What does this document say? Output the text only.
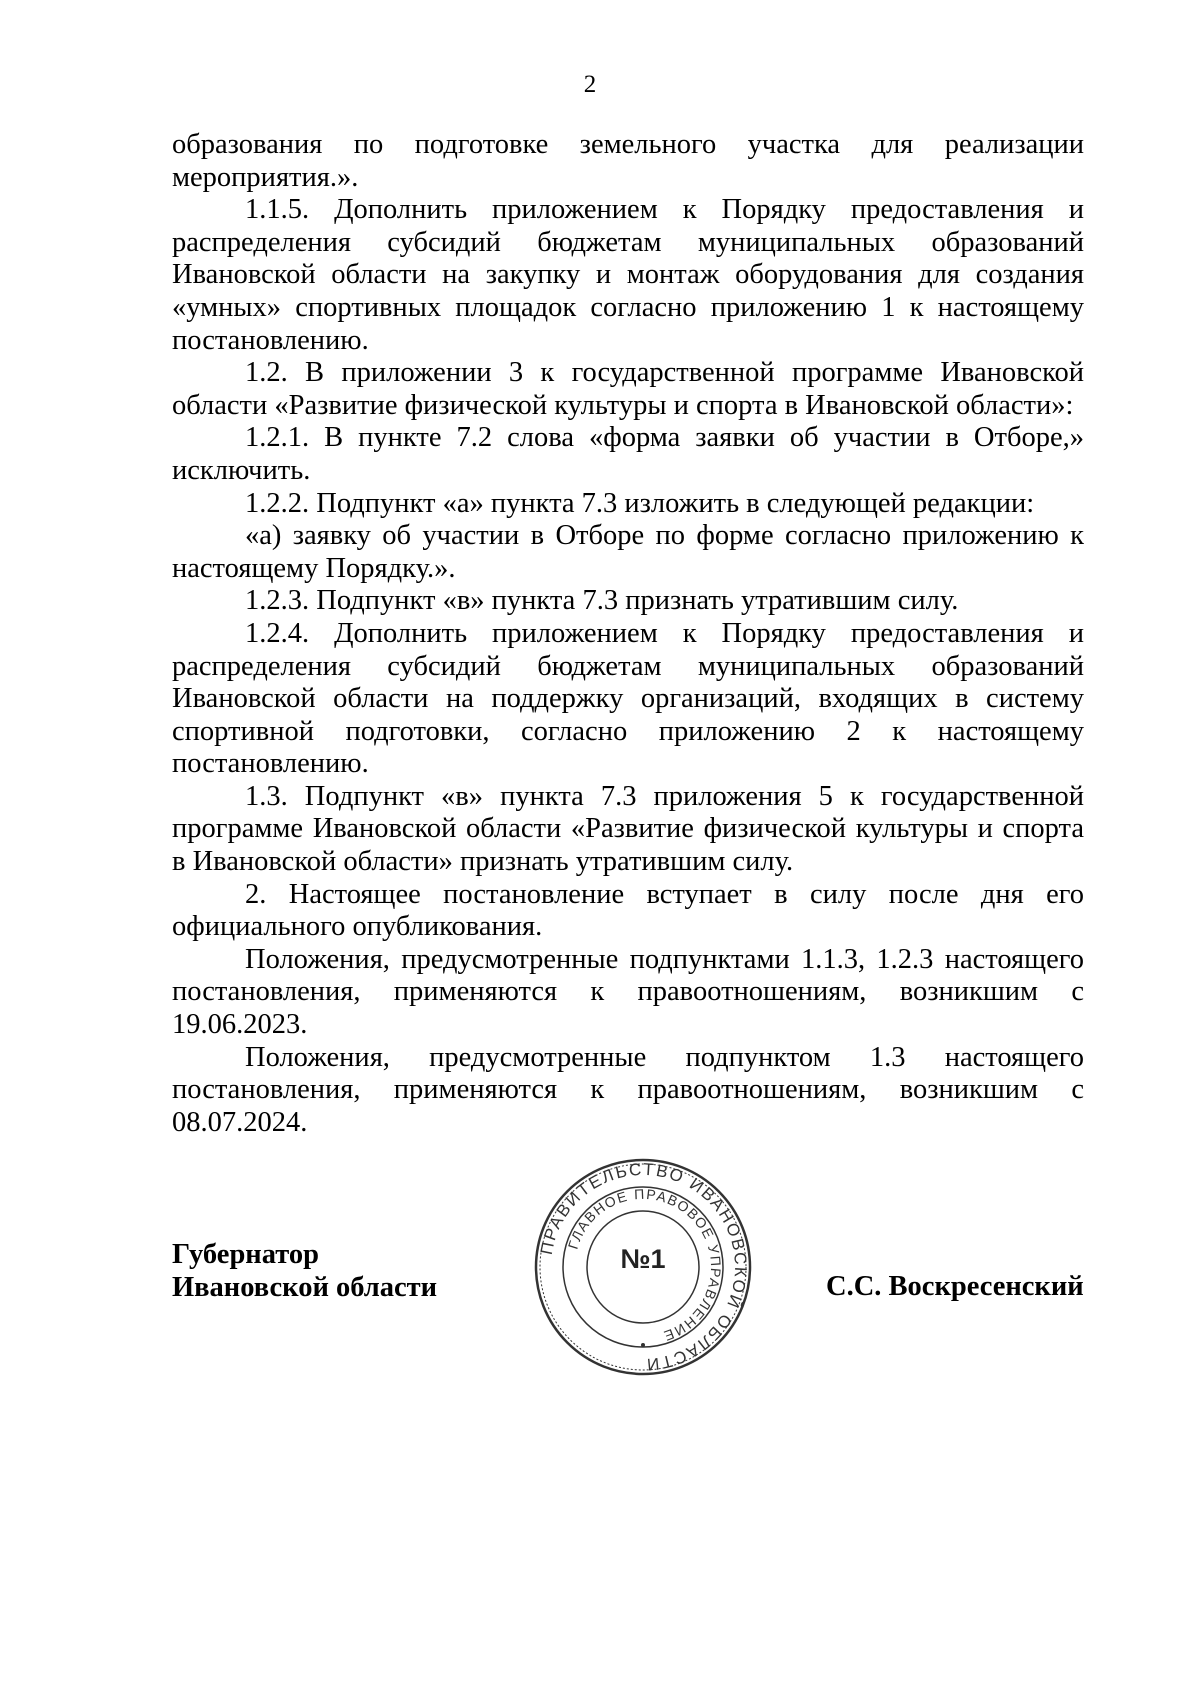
2

образования по подготовке земельного участка для реализации мероприятия.».

1.1.5. Дополнить приложением к Порядку предоставления и распределения субсидий бюджетам муниципальных образований Ивановской области на закупку и монтаж оборудования для создания «умных» спортивных площадок согласно приложению 1 к настоящему постановлению.

1.2. В приложении 3 к государственной программе Ивановской области «Развитие физической культуры и спорта в Ивановской области»:

1.2.1. В пункте 7.2 слова «форма заявки об участии в Отборе,» исключить.

1.2.2. Подпункт «а» пункта 7.3 изложить в следующей редакции:

«а) заявку об участии в Отборе по форме согласно приложению к настоящему Порядку.».

1.2.3. Подпункт «в» пункта 7.3 признать утратившим силу.

1.2.4. Дополнить приложением к Порядку предоставления и распределения субсидий бюджетам муниципальных образований Ивановской области на поддержку организаций, входящих в систему спортивной подготовки, согласно приложению 2 к настоящему постановлению.

1.3. Подпункт «в» пункта 7.3 приложения 5 к государственной программе Ивановской области «Развитие физической культуры и спорта в Ивановской области» признать утратившим силу.

2. Настоящее постановление вступает в силу после дня его официального опубликования.

Положения, предусмотренные подпунктами 1.1.3, 1.2.3 настоящего постановления, применяются к правоотношениям, возникшим с 19.06.2023.

Положения, предусмотренные подпунктом 1.3 настоящего постановления, применяются к правоотношениям, возникшим с 08.07.2024.

Губернатор
Ивановской области
ПРАВИТЕЛЬСТВО ИВАНОВСКОЙ ОБЛАСТИ
ГЛАВНОЕ ПРАВОВОЕ УПРАВЛЕНИЕ
№1
С.С. Воскресенский
